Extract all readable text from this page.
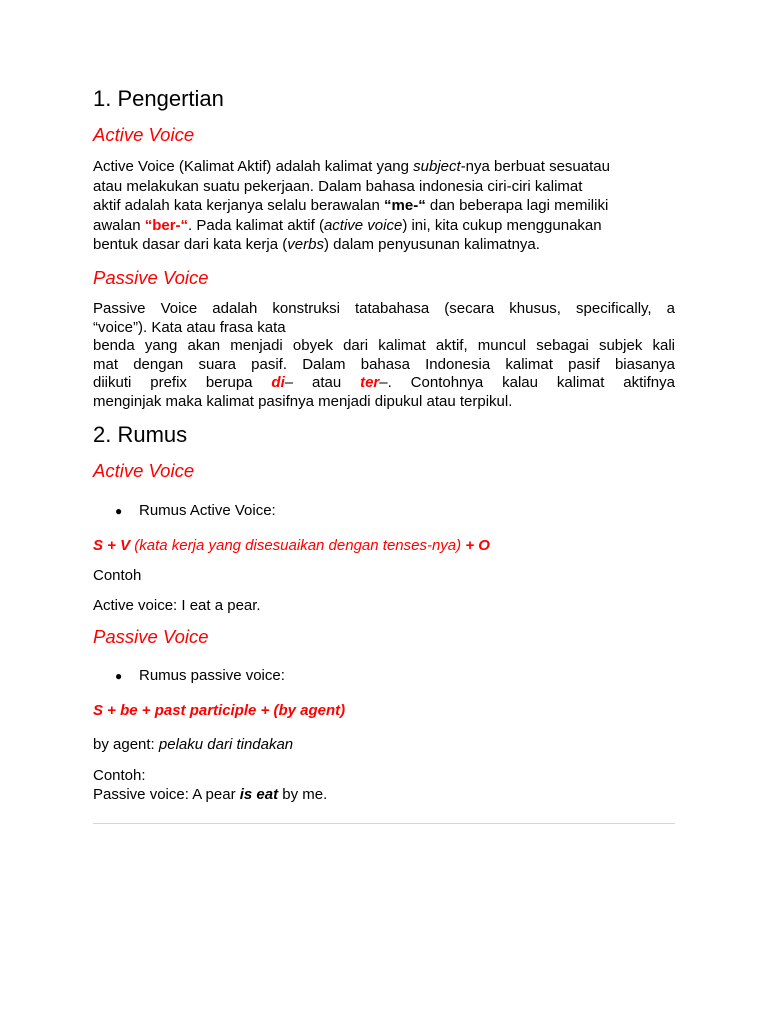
1. Pengertian
Active Voice
Active Voice (Kalimat Aktif) adalah kalimat yang subject-nya berbuat sesuatau
atau melakukan suatu pekerjaan. Dalam bahasa indonesia ciri-ciri kalimat
aktif adalah kata kerjanya selalu berawalan “me-“ dan beberapa lagi memiliki
awalan “ber-“. Pada kalimat aktif (active voice) ini, kita cukup menggunakan
bentuk dasar dari kata kerja (verbs) dalam penyusunan kalimatnya.
Passive Voice
Passive Voice adalah konstruksi tatabahasa (secara khusus, specifically, a
“voice”). Kata atau frasa kata
benda yang akan menjadi obyek dari kalimat aktif, muncul sebagai subjek kali
mat dengan suara pasif. Dalam bahasa Indonesia kalimat pasif biasanya
diikuti prefix berupa di– atau ter–. Contohnya kalau kalimat aktifnya
menginjak maka kalimat pasifnya menjadi dipukul atau terpikul.
2. Rumus
Active Voice
● Rumus Active Voice:
S + V (kata kerja yang disesuaikan dengan tenses-nya) + O
Contoh
Active voice: I eat a pear.
Passive Voice
● Rumus passive voice:
S + be + past participle + (by agent)
by agent: pelaku dari tindakan
Contoh:
Passive voice: A pear is eat by me.
